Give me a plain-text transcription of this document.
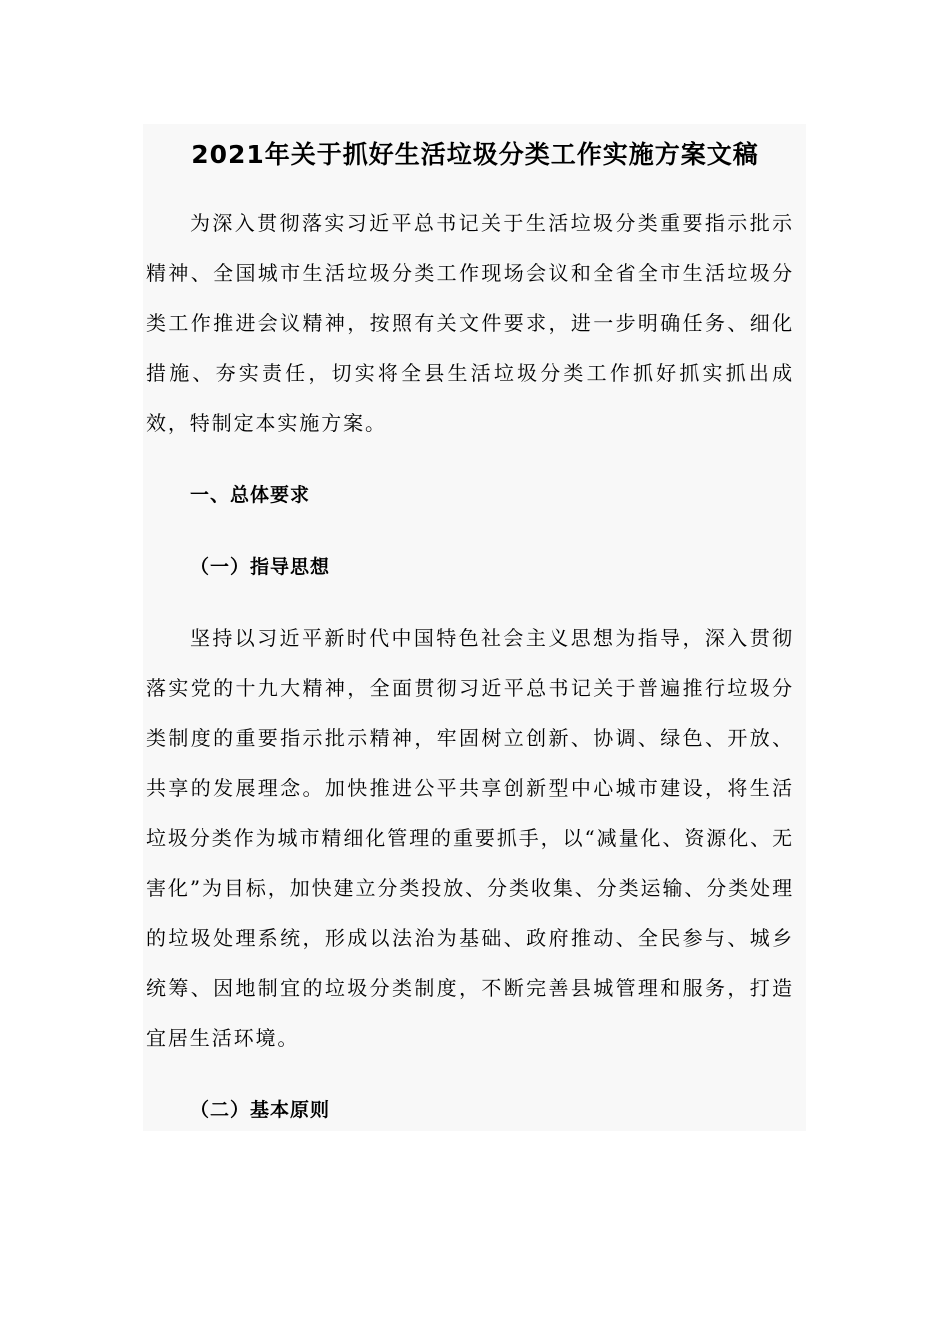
2021年关于抓好生活垃圾分类工作实施方案文稿

为深入贯彻落实习近平总书记关于生活垃圾分类重要指示批示精神、全国城市生活垃圾分类工作现场会议和全省全市生活垃圾分类工作推进会议精神，按照有关文件要求，进一步明确任务、细化措施、夯实责任，切实将全县生活垃圾分类工作抓好抓实抓出成效，特制定本实施方案。

一、总体要求
（一）指导思想

坚持以习近平新时代中国特色社会主义思想为指导，深入贯彻落实党的十九大精神，全面贯彻习近平总书记关于普遍推行垃圾分类制度的重要指示批示精神，牢固树立创新、协调、绿色、开放、共享的发展理念。加快推进公平共享创新型中心城市建设，将生活垃圾分类作为城市精细化管理的重要抓手，以“减量化、资源化、无害化”为目标，加快建立分类投放、分类收集、分类运输、分类处理的垃圾处理系统，形成以法治为基础、政府推动、全民参与、城乡统筹、因地制宜的垃圾分类制度，不断完善县城管理和服务，打造宜居生活环境。

（二）基本原则
